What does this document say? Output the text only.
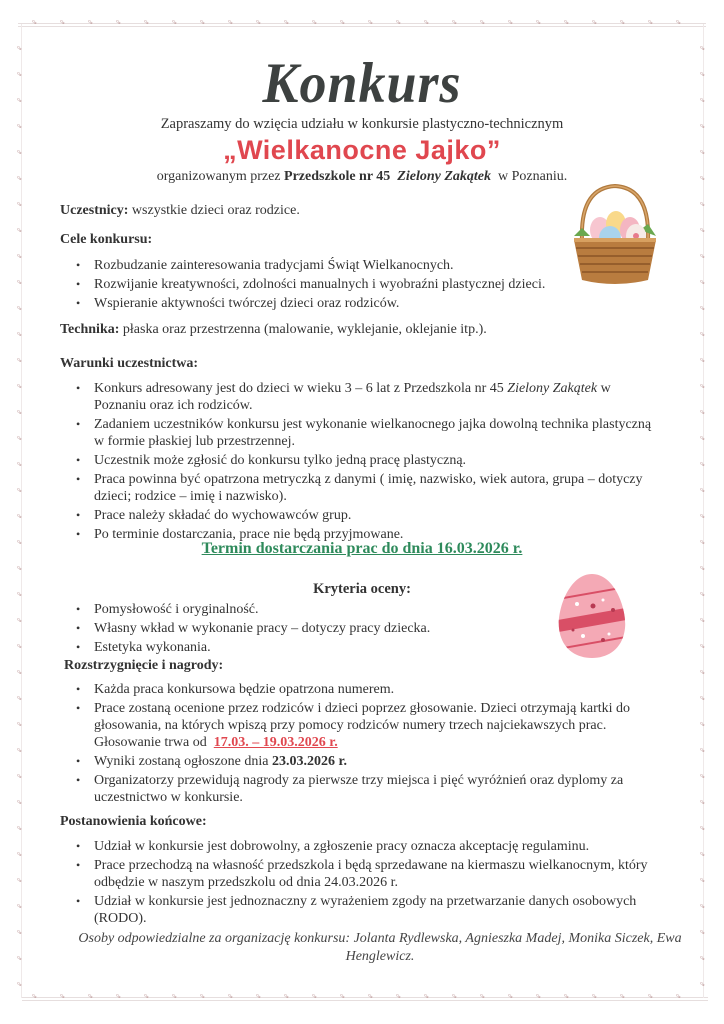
°∘	°∘	°∘	°∘	°∘	°∘	°∘	°∘	°∘	°∘	°∘	°∘	°∘	°∘	°∘	°∘	°∘	°∘	°∘	°∘	°∘	°∘	°∘	°∘
°∘	°∘	°∘	°∘	°∘	°∘	°∘	°∘	°∘	°∘	°∘	°∘	°∘	°∘	°∘	°∘	°∘	°∘	°∘	°∘	°∘	°∘	°∘	°∘
°∘	°∘
°∘	°∘
°∘	°∘
°∘	°∘
°∘	°∘
°∘	°∘
°∘	°∘
°∘	°∘
°∘	°∘
°∘	°∘
°∘	°∘
°∘	°∘
°∘	°∘
°∘	°∘
°∘	°∘
°∘	°∘
°∘	°∘
°∘	°∘
°∘	°∘
°∘	°∘
°∘	°∘
°∘	°∘
°∘	°∘
°∘	°∘
°∘	°∘
°∘	°∘
°∘	°∘
°∘	°∘
°∘	°∘
°∘	°∘
°∘	°∘
°∘	°∘
°∘	°∘
°∘	°∘
°∘	°∘
°∘	°∘
°∘	°∘
Konkurs
Zapraszamy do wzięcia udziału w konkursie plastyczno-technicznym
„Wielkanocne Jajko”
organizowanym przez Przedszkole nr 45 Zielony Zakątek w Poznaniu.
Uczestnicy: wszystkie dzieci oraz rodzice.
Cele konkursu:
• Rozbudzanie zainteresowania tradycjami Świąt Wielkanocnych.
• Rozwijanie kreatywności, zdolności manualnych i wyobraźni plastycznej dzieci.
• Wspieranie aktywności twórczej dzieci oraz rodziców.
Technika: płaska oraz przestrzenna (malowanie, wyklejanie, oklejanie itp.).
Warunki uczestnictwa:
• Konkurs adresowany jest do dzieci w wieku 3 – 6 lat z Przedszkola nr 45 Zielony Zakątek w Poznaniu oraz ich rodziców.
• Zadaniem uczestników konkursu jest wykonanie wielkanocnego jajka dowolną technika plastyczną w formie płaskiej lub przestrzennej.
• Uczestnik może zgłosić do konkursu tylko jedną pracę plastyczną.
• Praca powinna być opatrzona metryczką z danymi ( imię, nazwisko, wiek autora, grupa – dotyczy dzieci; rodzice – imię i nazwisko).
• Prace należy składać do wychowawców grup.
• Po terminie dostarczania, prace nie będą przyjmowane.
Termin dostarczania prac do dnia 16.03.2026 r.
Kryteria oceny:
• Pomysłowość i oryginalność.
• Własny wkład w wykonanie pracy – dotyczy pracy dziecka.
• Estetyka wykonania.
Rozstrzygnięcie i nagrody:
• Każda praca konkursowa będzie opatrzona numerem.
• Prace zostaną ocenione przez rodziców i dzieci poprzez głosowanie. Dzieci otrzymają kartki do głosowania, na których wpiszą przy pomocy rodziców numery trzech najciekawszych prac. Głosowanie trwa od 17.03. – 19.03.2026 r.
• Wyniki zostaną ogłoszone dnia 23.03.2026 r.
• Organizatorzy przewidują nagrody za pierwsze trzy miejsca i pięć wyróżnień oraz dyplomy za uczestnictwo w konkursie.
Postanowienia końcowe:
• Udział w konkursie jest dobrowolny, a zgłoszenie pracy oznacza akceptację regulaminu.
• Prace przechodzą na własność przedszkola i będą sprzedawane na kiermaszu wielkanocnym, który odbędzie w naszym przedszkolu od dnia 24.03.2026 r.
• Udział w konkursie jest jednoznaczny z wyrażeniem zgody na przetwarzanie danych osobowych (RODO).
Osoby odpowiedzialne za organizację konkursu: Jolanta Rydlewska, Agnieszka Madej, Monika Siczek, Ewa Henglewicz.
